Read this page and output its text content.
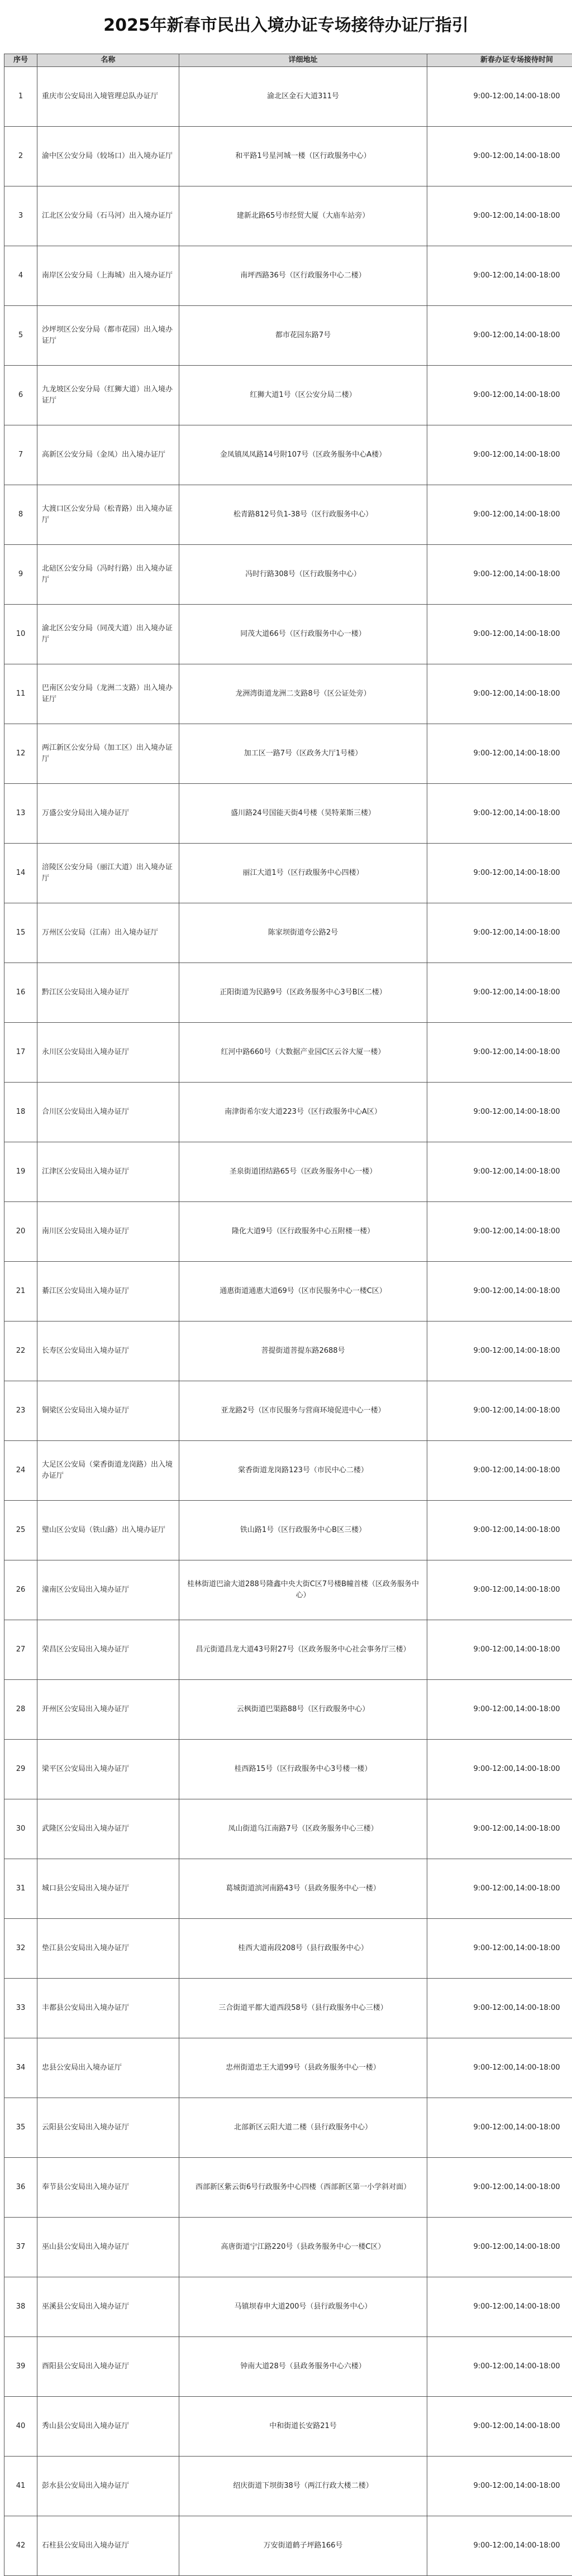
2025年新春市民出入境办证专场接待办证厅指引
序号	名称	详细地址	新春办证专场接待时间
1	重庆市公安局出入境管理总队办证厅	渝北区金石大道311号	9:00-12:00,14:00-18:00
2	渝中区公安分局（较场口）出入境办证厅	和平路1号星河城一楼（区行政服务中心）	9:00-12:00,14:00-18:00
3	江北区公安分局（石马河）出入境办证厅	建新北路65号市经贸大厦（大庙车站旁）	9:00-12:00,14:00-18:00
4	南岸区公安分局（上海城）出入境办证厅	南坪西路36号（区行政服务中心二楼）	9:00-12:00,14:00-18:00
5	沙坪坝区公安分局（都市花园）出入境办证厅	都市花园东路7号	9:00-12:00,14:00-18:00
6	九龙坡区公安分局（红狮大道）出入境办证厅	红狮大道1号（区公安分局二楼）	9:00-12:00,14:00-18:00
7	高新区公安分局（金凤）出入境办证厅	金凤镇凤凤路14号附107号（区政务服务中心A楼）	9:00-12:00,14:00-18:00
8	大渡口区公安分局（松青路）出入境办证厅	松青路812号负1-38号（区行政服务中心）	9:00-12:00,14:00-18:00
9	北碚区公安分局（冯时行路）出入境办证厅	冯时行路308号（区行政服务中心）	9:00-12:00,14:00-18:00
10	渝北区公安分局（同茂大道）出入境办证厅	同茂大道66号（区行政服务中心一楼）	9:00-12:00,14:00-18:00
11	巴南区公安分局（龙洲二支路）出入境办证厅	龙洲湾街道龙洲二支路8号（区公证处旁）	9:00-12:00,14:00-18:00
12	两江新区公安分局（加工区）出入境办证厅	加工区一路7号（区政务大厅1号楼）	9:00-12:00,14:00-18:00
13	万盛公安分局出入境办证厅	盛川路24号国能天街4号楼（昊特莱斯三楼）	9:00-12:00,14:00-18:00
14	涪陵区公安分局（丽江大道）出入境办证厅	丽江大道1号（区行政服务中心四楼）	9:00-12:00,14:00-18:00
15	万州区公安局（江南）出入境办证厅	陈家坝街道夸公路2号	9:00-12:00,14:00-18:00
16	黔江区公安局出入境办证厅	正阳街道为民路9号（区政务服务中心3号B区二楼）	9:00-12:00,14:00-18:00
17	永川区公安局出入境办证厅	红河中路660号（大数据产业园C区云谷大厦一楼）	9:00-12:00,14:00-18:00
18	合川区公安局出入境办证厅	南津街希尔安大道223号（区行政服务中心A区）	9:00-12:00,14:00-18:00
19	江津区公安局出入境办证厅	圣泉街道团结路65号（区政务服务中心一楼）	9:00-12:00,14:00-18:00
20	南川区公安局出入境办证厅	隆化大道9号（区行政服务中心五附楼一楼）	9:00-12:00,14:00-18:00
21	綦江区公安局出入境办证厅	通惠街道通惠大道69号（区市民服务中心一楼C区）	9:00-12:00,14:00-18:00
22	长寿区公安局出入境办证厅	菩提街道菩提东路2688号	9:00-12:00,14:00-18:00
23	铜梁区公安局出入境办证厅	亚龙路2号（区市民服务与营商环境促进中心一楼）	9:00-12:00,14:00-18:00
24	大足区公安局（棠香街道龙岗路）出入境办证厅	棠香街道龙岗路123号（市民中心二楼）	9:00-12:00,14:00-18:00
25	璧山区公安局（铁山路）出入境办证厅	铁山路1号（区行政服务中心B区三楼）	9:00-12:00,14:00-18:00
26	潼南区公安局出入境办证厅	桂林街道巴渝大道288号隆鑫中央大街C区7号楼B幢首楼（区政务服务中心）	9:00-12:00,14:00-18:00
27	荣昌区公安局出入境办证厅	昌元街道昌龙大道43号附27号（区政务服务中心社会事务厅三楼）	9:00-12:00,14:00-18:00
28	开州区公安局出入境办证厅	云枫街道巴渠路88号（区行政服务中心）	9:00-12:00,14:00-18:00
29	梁平区公安局出入境办证厅	桂西路15号（区行政服务中心3号楼一楼）	9:00-12:00,14:00-18:00
30	武隆区公安局出入境办证厅	凤山街道乌江南路7号（区政务服务中心三楼）	9:00-12:00,14:00-18:00
31	城口县公安局出入境办证厅	葛城街道滨河南路43号（县政务服务中心一楼）	9:00-12:00,14:00-18:00
32	垫江县公安局出入境办证厅	桂西大道南段208号（县行政服务中心）	9:00-12:00,14:00-18:00
33	丰都县公安局出入境办证厅	三合街道平都大道西段58号（县行政服务中心三楼）	9:00-12:00,14:00-18:00
34	忠县公安局出入境办证厅	忠州街道忠王大道99号（县政务服务中心一楼）	9:00-12:00,14:00-18:00
35	云阳县公安局出入境办证厅	北部新区云阳大道二楼（县行政服务中心）	9:00-12:00,14:00-18:00
36	奉节县公安局出入境办证厅	西部新区紫云街6号行政服务中心四楼（西部新区第一小学斜对面）	9:00-12:00,14:00-18:00
37	巫山县公安局出入境办证厅	高唐街道宁江路220号（县政务服务中心一楼C区）	9:00-12:00,14:00-18:00
38	巫溪县公安局出入境办证厅	马镇坝春申大道200号（县行政服务中心）	9:00-12:00,14:00-18:00
39	酉阳县公安局出入境办证厅	钟南大道28号（县政务服务中心六楼）	9:00-12:00,14:00-18:00
40	秀山县公安局出入境办证厅	中和街道长安路21号	9:00-12:00,14:00-18:00
41	彭水县公安局出入境办证厅	绍庆街道下坝街38号（两江行政大楼二楼）	9:00-12:00,14:00-18:00
42	石柱县公安局出入境办证厅	万安街道鹤子坪路166号	9:00-12:00,14:00-18:00
